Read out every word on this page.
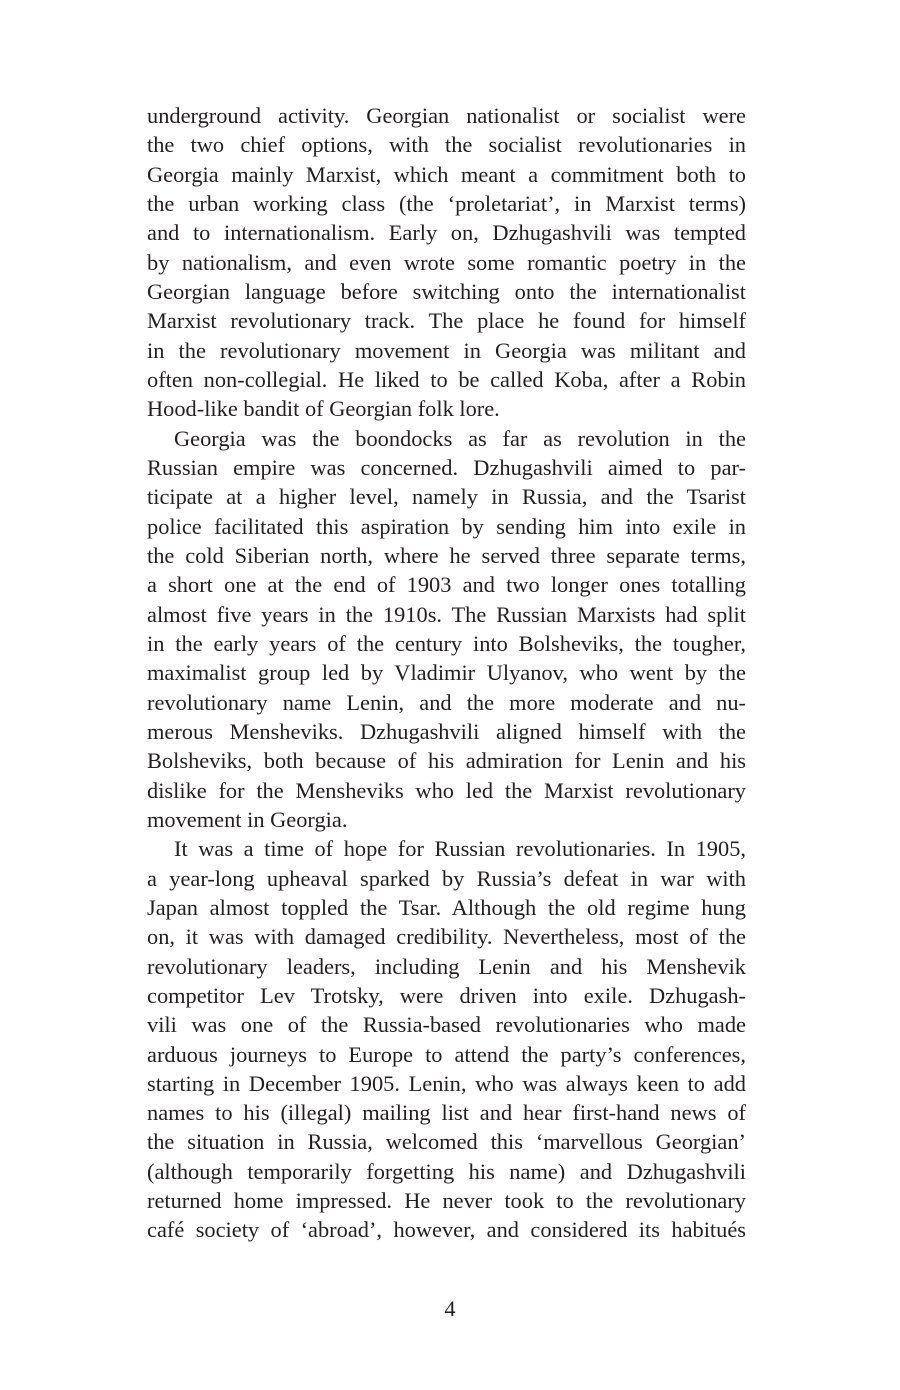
underground activity. Georgian nationalist or socialist were
the two chief options, with the socialist revolutionaries in
Georgia mainly Marxist, which meant a commitment both to
the urban working class (the ‘proletariat’, in Marxist terms)
and to internationalism. Early on, Dzhugashvili was tempted
by nationalism, and even wrote some romantic poetry in the
Georgian language before switching onto the internationalist
Marxist revolutionary track. The place he found for himself
in the revolutionary movement in Georgia was militant and
often non-collegial. He liked to be called Koba, after a Robin
Hood-like bandit of Georgian folk lore.
Georgia was the boondocks as far as revolution in the
Russian empire was concerned. Dzhugashvili aimed to par-
ticipate at a higher level, namely in Russia, and the Tsarist
police facilitated this aspiration by sending him into exile in
the cold Siberian north, where he served three separate terms,
a short one at the end of 1903 and two longer ones totalling
almost five years in the 1910s. The Russian Marxists had split
in the early years of the century into Bolsheviks, the tougher,
maximalist group led by Vladimir Ulyanov, who went by the
revolutionary name Lenin, and the more moderate and nu-
merous Mensheviks. Dzhugashvili aligned himself with the
Bolsheviks, both because of his admiration for Lenin and his
dislike for the Mensheviks who led the Marxist revolutionary
movement in Georgia.
It was a time of hope for Russian revolutionaries. In 1905,
a year-long upheaval sparked by Russia’s defeat in war with
Japan almost toppled the Tsar. Although the old regime hung
on, it was with damaged credibility. Nevertheless, most of the
revolutionary leaders, including Lenin and his Menshevik
competitor Lev Trotsky, were driven into exile. Dzhugash-
vili was one of the Russia-based revolutionaries who made
arduous journeys to Europe to attend the party’s conferences,
starting in December 1905. Lenin, who was always keen to add
names to his (illegal) mailing list and hear first-hand news of
the situation in Russia, welcomed this ‘marvellous Georgian’
(although temporarily forgetting his name) and Dzhugashvili
returned home impressed. He never took to the revolutionary
café society of ‘abroad’, however, and considered its habitués
4
